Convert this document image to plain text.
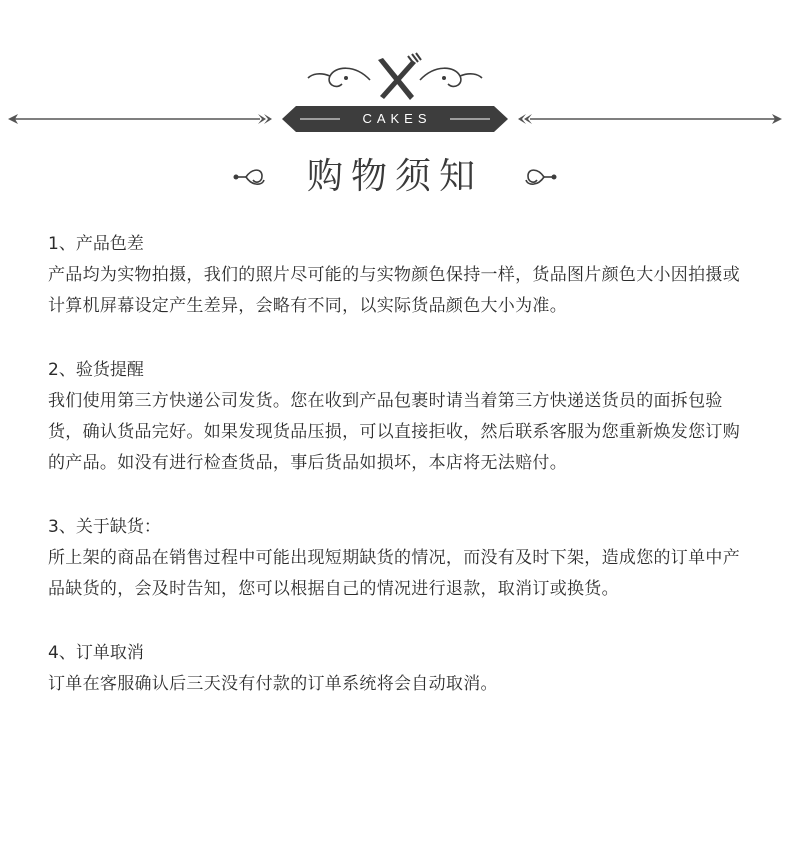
CAKES
购物须知
1、产品色差
产品均为实物拍摄，我们的照片尽可能的与实物颜色保持一样，货品图片颜色大小因拍摄或计算机屏幕设定产生差异，会略有不同，以实际货品颜色大小为准。
2、验货提醒
我们使用第三方快递公司发货。您在收到产品包裹时请当着第三方快递送货员的面拆包验货，确认货品完好。如果发现货品压损，可以直接拒收，然后联系客服为您重新焕发您订购的产品。如没有进行检查货品，事后货品如损坏，本店将无法赔付。
3、关于缺货：
所上架的商品在销售过程中可能出现短期缺货的情况，而没有及时下架，造成您的订单中产品缺货的，会及时告知，您可以根据自己的情况进行退款，取消订或换货。
4、订单取消
订单在客服确认后三天没有付款的订单系统将会自动取消。
